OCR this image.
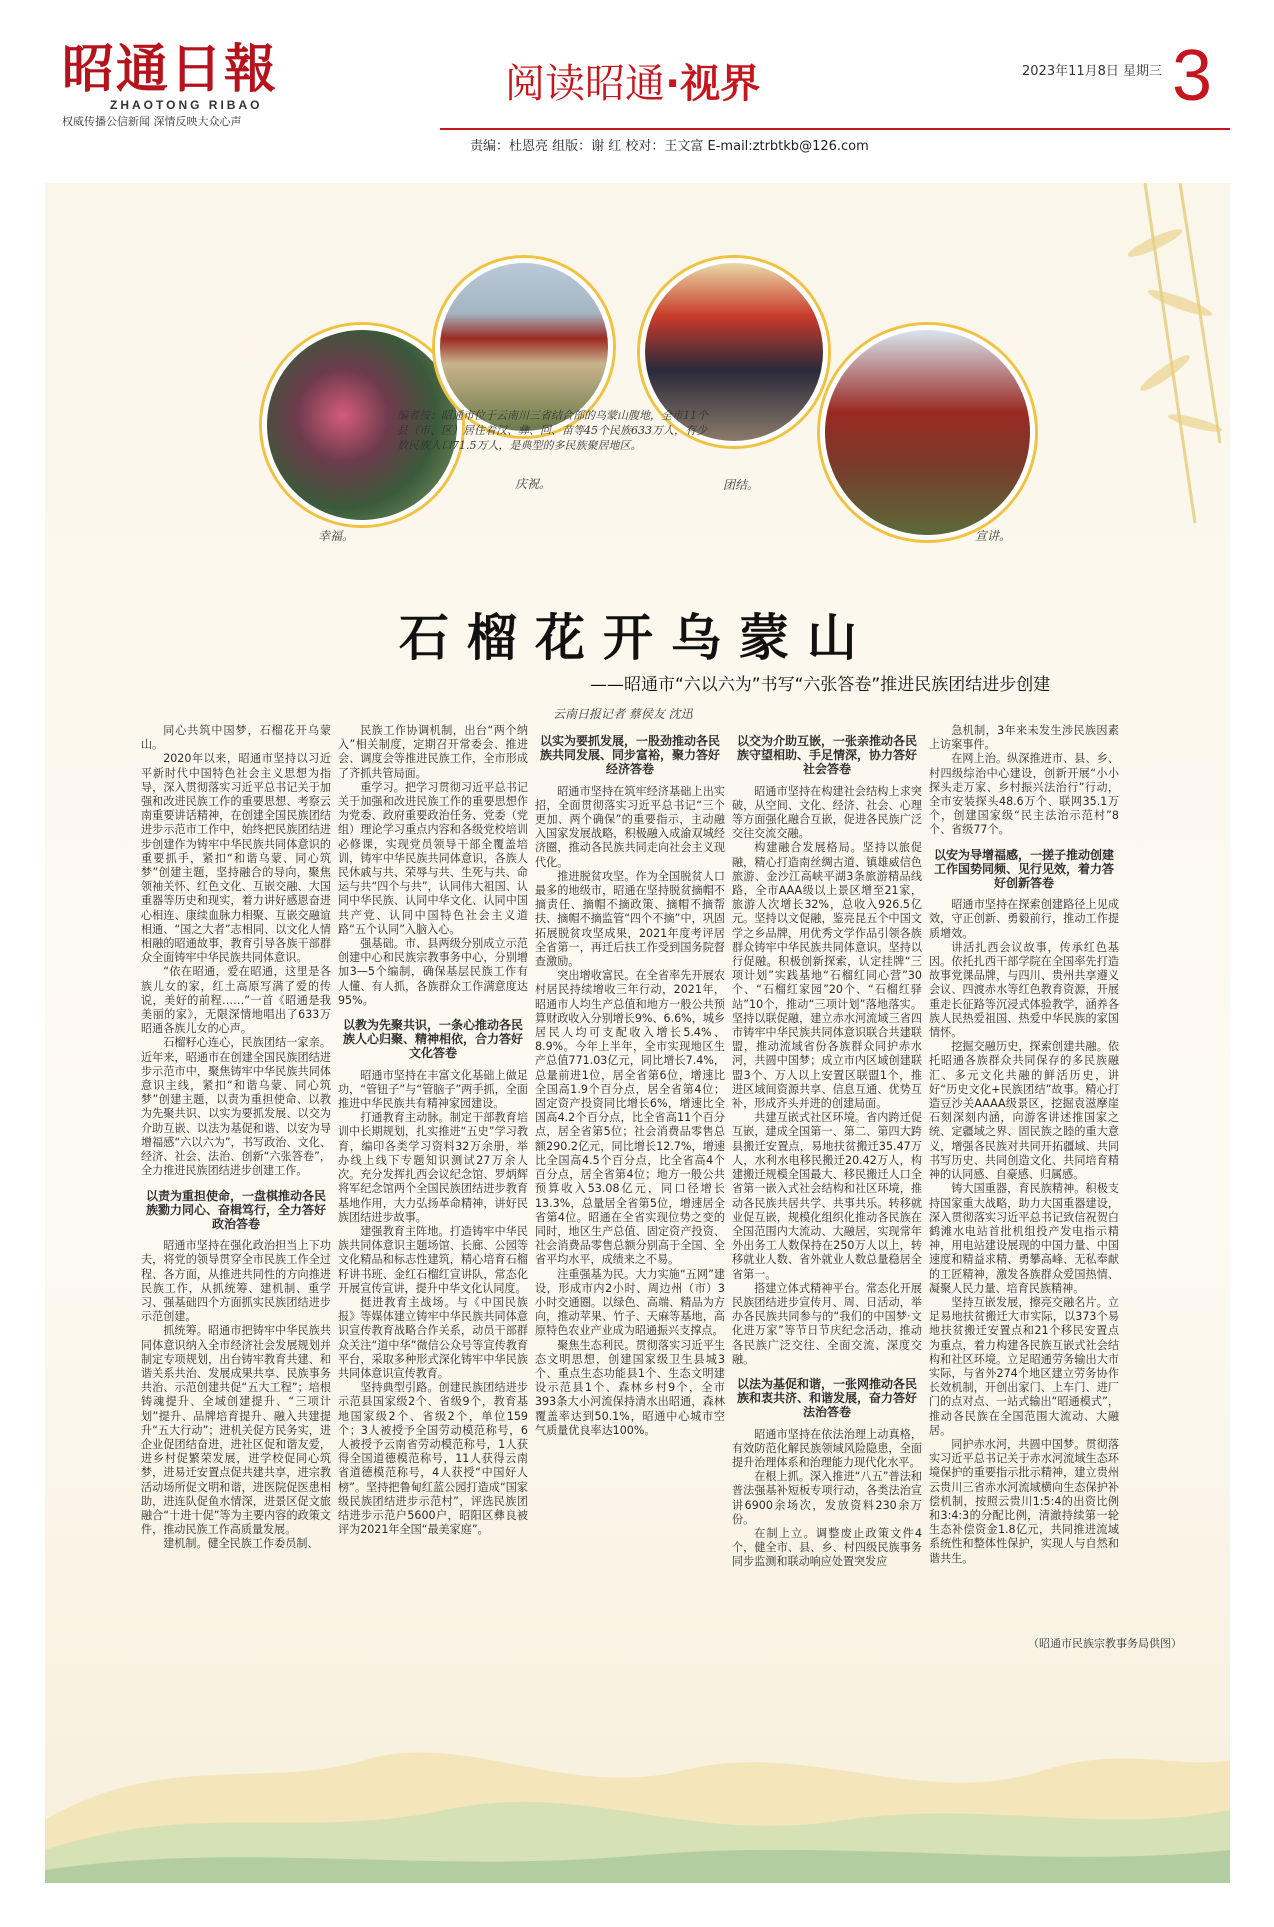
昭通日報
ZHAOTONG RIBAO
权威传播公信新闻 深情反映大众心声
阅读昭通·视界	2023年11月8日 星期三 3
责编：杜恩亮 组版：谢 红 校对：王文富 E-mail:ztrbtkb@126.com
幸福。
庆祝。	团结。
宣讲。
编者按：昭通市位于云南川三省结合部的乌蒙山腹地，全市11个县（市、区）居住着汉、彝、回、苗等45个民族633万人，有少数民族人口71.5万人，是典型的多民族聚居地区。
石榴花开乌蒙山
——昭通市“六以六为”书写“六张答卷”推进民族团结进步创建
云南日报记者 蔡侯友 沈迅

同心共筑中国梦，石榴花开乌蒙山。

2020年以来，昭通市坚持以习近平新时代中国特色社会主义思想为指导，深入贯彻落实习近平总书记关于加强和改进民族工作的重要思想、考察云南重要讲话精神，在创建全国民族团结进步示范市工作中，始终把民族团结进步创建作为铸牢中华民族共同体意识的重要抓手，紧扣“和谐乌蒙、同心筑梦”创建主题，坚持融合的导向，聚焦领袖关怀、红色文化、互嵌交融、大国重器等历史和现实，着力讲好感恩奋进心相连、康续血脉力相聚、互嵌交融谊相通、“国之大者”志相同、以文化人情相融的昭通故事，教育引导各族干部群众全面铸牢中华民族共同体意识。

“依在昭通，爱在昭通，这里是各族儿女的家，红土高原写满了爱的传说，美好的前程……”一首《昭通是我美丽的家》，无限深情地唱出了633万昭通各族儿女的心声。

石榴籽心连心，民族团结一家亲。近年来，昭通市在创建全国民族团结进步示范市中，聚焦铸牢中华民族共同体意识主线，紧扣“和谐乌蒙、同心筑梦”创建主题，以责为重担使命、以教为先聚共识、以实为要抓发展、以交为介助互嵌、以法为基促和谐、以安为导增福感“六以六为”，书写政治、文化、经济、社会、法治、创新“六张答卷”，全力推进民族团结进步创建工作。

以责为重担使命，一盘棋推动各民族勠力同心、奋楫笃行，全力答好政治答卷

昭通市坚持在强化政治担当上下功夫，将党的领导贯穿全市民族工作全过程、各方面，从推进共同性的方向推进民族工作，从抓统筹、建机制、重学习、强基础四个方面抓实民族团结进步示范创建。

抓统筹。昭通市把铸牢中华民族共同体意识纳入全市经济社会发展规划并制定专项规划，出台铸牢教育共建、和谐关系共治、发展成果共享、民族事务共治、示范创建共促“五大工程”；培根铸魂提升、全域创建提升、“三项计划”提升、品牌培育提升、融入共建提升“五大行动”；进机关促方民务实，进企业促团结奋进，进社区促和谐友爱，进乡村促繁荣发展，进学校促同心筑梦，进易迁安置点促共建共享，进宗教活动场所促文明和谐，进医院促医患相助，进连队促鱼水情深，进景区促文旅融合“十进十促”等为主要内容的政策文件，推动民族工作高质量发展。

建机制。健全民族工作委员制、

民族工作协调机制，出台“两个纳入”相关制度，定期召开常委会、推进会、调度会等推进民族工作，全市形成了齐抓共管局面。

重学习。把学习贯彻习近平总书记关于加强和改进民族工作的重要思想作为党委、政府重要政治任务、党委（党组）理论学习重点内容和各级党校培训必修课，实现党员领导干部全覆盖培训，铸牢中华民族共同体意识，各族人民休戚与共、荣辱与共、生死与共、命运与共“四个与共”，认同伟大祖国、认同中华民族、认同中华文化、认同中国共产党、认同中国特色社会主义道路“五个认同”入脑入心。

强基础。市、县两级分别成立示范创建中心和民族宗教事务中心，分别增加3—5个编制，确保基层民族工作有人懂、有人抓，各族群众工作满意度达95%。

以教为先聚共识，一条心推动各民族人心归聚、精神相依，合力答好文化答卷

昭通市坚持在丰富文化基础上做足功，“管钮子”与“管脑子”两手抓，全面推进中华民族共有精神家园建设。

打通教育主动脉。制定干部教育培训中长期规划，扎实推进“五史”学习教育，编印各类学习资料32万余册，举办线上线下专题知识测试27万余人次。充分发挥扎西会议纪念馆、罗炳辉将军纪念馆两个全国民族团结进步教育基地作用，大力弘扬革命精神，讲好民族团结进步故事。

建强教育主阵地。打造铸牢中华民族共同体意识主题场馆、长廊、公园等文化精品和标志性建筑，精心培育石榴籽讲书班、金红石榴红宣讲队，常态化开展宣传宣讲，提升中华文化认同度。

挺进教育主战场。与《中国民族报》等媒体建立铸牢中华民族共同体意识宣传教育战略合作关系，动员干部群众关注“道中华”微信公众号等宣传教育平台，采取多种形式深化铸牢中华民族共同体意识宣传教育。

坚持典型引路。创建民族团结进步示范县国家级2个、省级9个，教育基地国家级2个、省级2个，单位159个；3人被授予全国劳动模范称号，6人被授予云南省劳动模范称号，1人获得全国道德模范称号，11人获得云南省道德模范称号，4人获授“中国好人榜”。坚持把鲁甸红蓝公园打造成“国家级民族团结进步示范村”，评选民族团结进步示范户5600户，昭阳区彝良被评为2021年全国“最美家庭”。

以实为要抓发展，一股劲推动各民族共同发展、同步富裕，聚力答好经济答卷

昭通市坚持在筑牢经济基础上出实招，全面贯彻落实习近平总书记“三个更加、两个确保”的重要指示，主动融入国家发展战略，积极融入成渝双城经济圈，推动各民族共同走向社会主义现代化。

推进脱贫攻坚。作为全国脱贫人口最多的地级市，昭通在坚持脱贫摘帽不摘责任、摘帽不摘政策、摘帽不摘帮扶、摘帽不摘监管“四个不摘”中，巩固拓展脱贫攻坚成果，2021年度考评居全省第一，再迁后扶工作受到国务院督查激励。

突出增收富民。在全省率先开展农村居民持续增收三年行动，2021年，昭通市人均生产总值和地方一般公共预算财政收入分别增长9%、6.6%，城乡居民人均可支配收入增长5.4%、8.9%。今年上半年，全市实现地区生产总值771.03亿元，同比增长7.4%，总量前进1位，居全省第6位，增速比全国高1.9个百分点，居全省第4位；固定资产投资同比增长6%，增速比全国高4.2个百分点，比全省高11个百分点，居全省第5位；社会消费品零售总额290.2亿元，同比增长12.7%，增速比全国高4.5个百分点，比全省高4个百分点，居全省第4位；地方一般公共预算收入53.08亿元，同口径增长13.3%，总量居全省第5位，增速居全省第4位。昭通在全省实现位势之变的同时，地区生产总值、固定资产投资、社会消费品零售总额分别高于全国、全省平均水平，成绩来之不易。

注重强基为民。大力实施“五网”建设，形成市内2小时、周边州（市）3小时交通圈。以绿色、高端、精品为方向，推动苹果、竹子、天麻等基地，高原特色农业产业成为昭通振兴支撑点。

聚焦生态利民。贯彻落实习近平生态文明思想，创建国家级卫生县城3个、重点生态功能县1个、生态文明建设示范县1个、森林乡村9个，全市393条大小河流保持清水出昭通，森林覆盖率达到50.1%，昭通中心城市空气质量优良率达100%。

以交为介助互嵌，一张亲推动各民族守望相助、手足情深，协力答好社会答卷

昭通市坚持在构建社会结构上求突破，从空间、文化、经济、社会、心理等方面强化融合互嵌，促进各民族广泛交往交流交融。

构建融合发展格局。坚持以旅促融，精心打造南丝绸古道、镇雄威信色旅游、金沙江高峡平湖3条旅游精品线路，全市AAA级以上景区增至21家，旅游人次增长32%，总收入926.5亿元。坚持以文促融，鉴亮昆五个中国文学之乡品牌，用优秀文学作品引领各族群众铸牢中华民族共同体意识。坚持以行促融。积极创新探索，认定挂牌“三项计划”实践基地“石榴红同心营”30个、“石榴红家园”20个、“石榴红驿站”10个，推动“三项计划”落地落实。坚持以联促融，建立赤水河流域三省四市铸牢中华民族共同体意识联合共建联盟，推动流域省份各族群众同护赤水河，共圆中国梦；成立市内区域创建联盟3个、万人以上安置区联盟1个，推进区域间资源共享、信息互通、优势互补，形成齐头并进的创建局面。

共建互嵌式社区环境。省内跨迁促互嵌，建成全国第一、第二、第四大跨县搬迁安置点，易地扶贫搬迁35.47万人，水利水电移民搬迁20.42万人，构建搬迁规模全国最大、移民搬迁人口全省第一嵌入式社会结构和社区环境，推动各民族共居共学、共事共乐。转移就业促互嵌，规模化组织化推动各民族在全国范围内大流动、大融居，实现常年外出务工人数保持在250万人以上，转移就业人数、省外就业人数总量稳居全省第一。

搭建立体式精神平台。常态化开展民族团结进步宣传月、周、日活动，举办各民族共同参与的“我们的中国梦·文化进万家”等节日节庆纪念活动，推动各民族广泛交往、全面交流、深度交融。

以法为基促和谐，一张网推动各民族和衷共济、和谐发展，奋力答好法治答卷

昭通市坚持在依法治理上动真格，有效防范化解民族领域风险隐患，全面提升治理体系和治理能力现代化水平。

在根上抓。深入推进“八五”普法和普法强基补短板专项行动，各类法治宣讲6900余场次，发放资料230余万份。

在制上立。调整废止政策文件4个，健全市、县、乡、村四级民族事务同步监测和联动响应处置突发应

急机制，3年来未发生涉民族因素上访案事件。

在网上治。纵深推进市、县、乡、村四级综治中心建设，创新开展“小小探头走万家、乡村振兴法治行”行动，全市安装探头48.6万个、联网35.1万个，创建国家级“民主法治示范村”8个、省级77个。

以安为导增福感，一搓子推动创建工作国势同频、见行见效，着力答好创新答卷

昭通市坚持在探索创建路径上见成效，守正创新、勇毅前行，推动工作提质增效。

讲活扎西会议故事，传承红色基因。依托扎西干部学院在全国率先打造故事党课品牌，与四川、贵州共享遵义会议、四渡赤水等红色教育资源，开展重走长征路等沉浸式体验教学，涵养各族人民热爱祖国、热爱中华民族的家国情怀。

挖掘交融历史，探索创建共融。依托昭通各族群众共同保存的多民族融汇、多元文化共融的鲜活历史，讲好“历史文化+民族团结”故事。精心打造豆沙关AAAA级景区，挖掘袁滋摩崖石刻深刻内涵，向游客讲述推国家之统、定疆域之界、固民族之睦的重大意义，增强各民族对共同开拓疆域、共同书写历史、共同创造文化、共同培育精神的认同感、自豪感、归属感。

铸大国重器，育民族精神。积极支持国家重大战略，助力大国重器建设，深入贯彻落实习近平总书记致信祝贺白鹤滩水电站首批机组投产发电指示精神，用电站建设展现的中国力量、中国速度和精益求精、勇攀高峰、无私奉献的工匠精神，激发各族群众爱国热情、凝聚人民力量、培育民族精神。

坚持互嵌发展，擦亮交融名片。立足易地扶贫搬迁大市实际，以373个易地扶贫搬迁安置点和21个移民安置点为重点，着力构建各民族互嵌式社会结构和社区环境。立足昭通劳务输出大市实际，与省外274个地区建立劳务协作长效机制，开创出家门、上车门、进厂门的点对点、一站式输出“昭通模式”，推动各民族在全国范围大流动、大融居。

同护赤水河，共圆中国梦。贯彻落实习近平总书记关于赤水河流域生态环境保护的重要指示批示精神，建立贵州云贵川三省赤水河流域横向生态保护补偿机制，按照云贵川1:5:4的出资比例和3:4:3的分配比例，清澈持续第一轮生态补偿资金1.8亿元，共同推进流域系统性和整体性保护，实现人与自然和谐共生。

（昭通市民族宗教事务局供图）
